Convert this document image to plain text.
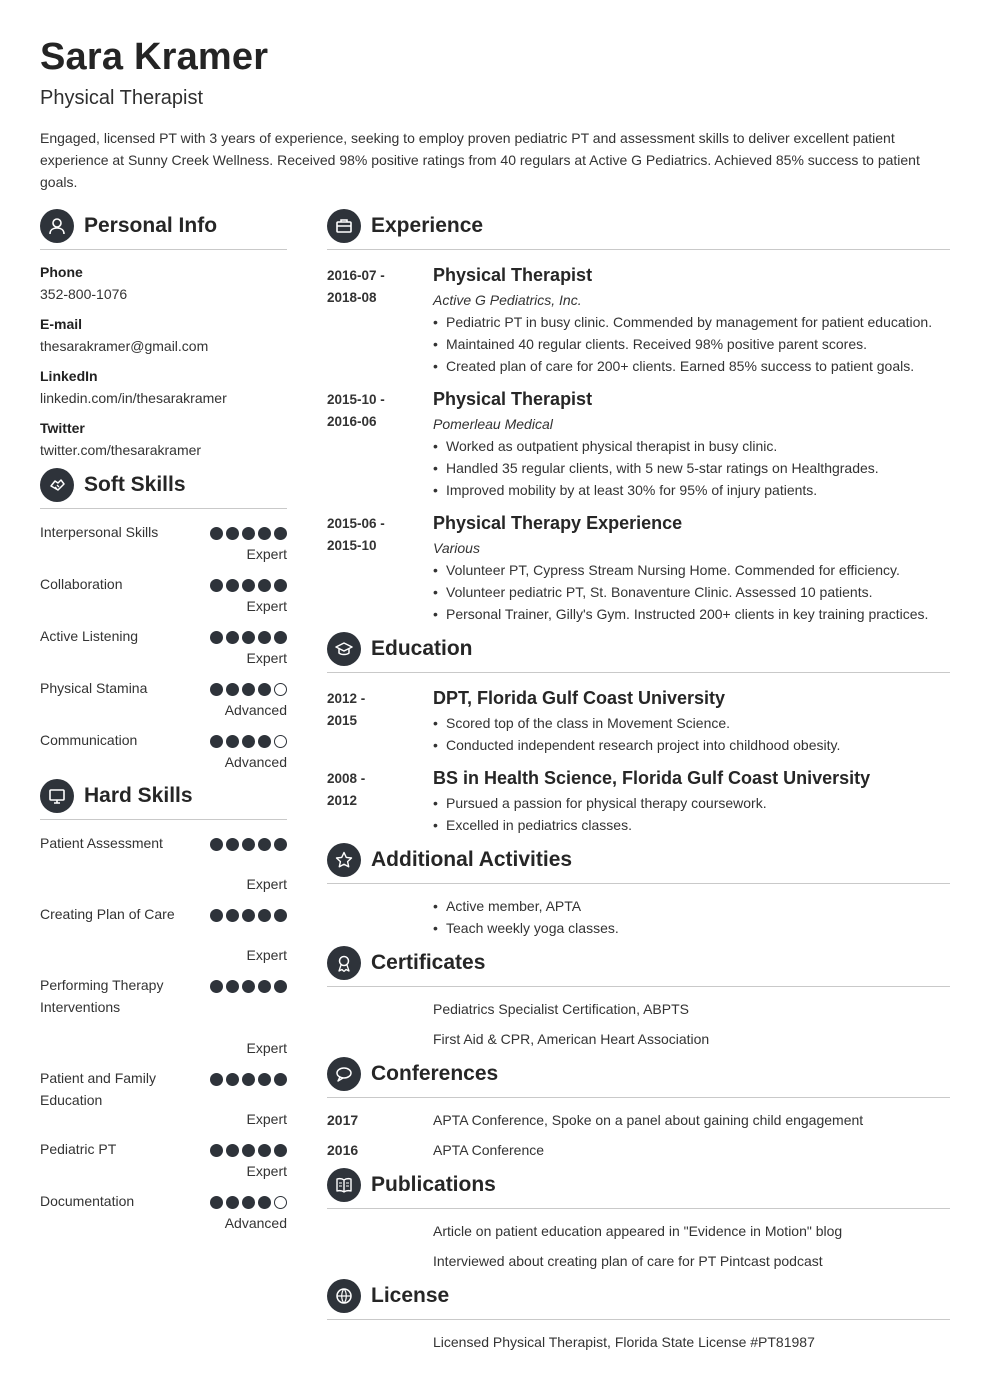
Sara Kramer
Physical Therapist
Engaged, licensed PT with 3 years of experience, seeking to employ proven pediatric PT and assessment skills to deliver excellent patient experience at Sunny Creek Wellness. Received 98% positive ratings from 40 regulars at Active G Pediatrics. Achieved 85% success to patient goals.
Personal Info
Phone
352-800-1076
E-mail
thesarakramer@gmail.com
LinkedIn
linkedin.com/in/thesarakramer
Twitter
twitter.com/thesarakramer
Soft Skills
Interpersonal Skills
Expert
Collaboration
Expert
Active Listening
Expert
Physical Stamina
Advanced
Communication
Advanced
Hard Skills
Patient Assessment
Expert
Creating Plan of Care
Expert
Performing Therapy Interventions
Expert
Patient and Family Education
Expert
Pediatric PT
Expert
Documentation
Advanced
Experience
2016-07 -
2018-08
Physical Therapist
Active G Pediatrics, Inc.
• Pediatric PT in busy clinic. Commended by management for patient education.
• Maintained 40 regular clients. Received 98% positive parent scores.
• Created plan of care for 200+ clients. Earned 85% success to patient goals.
2015-10 -
2016-06
Physical Therapist
Pomerleau Medical
• Worked as outpatient physical therapist in busy clinic.
• Handled 35 regular clients, with 5 new 5-star ratings on Healthgrades.
• Improved mobility by at least 30% for 95% of injury patients.
2015-06 -
2015-10
Physical Therapy Experience
Various
• Volunteer PT, Cypress Stream Nursing Home. Commended for efficiency.
• Volunteer pediatric PT, St. Bonaventure Clinic. Assessed 10 patients.
• Personal Trainer, Gilly's Gym. Instructed 200+ clients in key training practices.
Education
2012 -
2015
DPT, Florida Gulf Coast University
• Scored top of the class in Movement Science.
• Conducted independent research project into childhood obesity.
2008 -
2012
BS in Health Science, Florida Gulf Coast University
• Pursued a passion for physical therapy coursework.
• Excelled in pediatrics classes.
Additional Activities
• Active member, APTA
• Teach weekly yoga classes.
Certificates
Pediatrics Specialist Certification, ABPTS
First Aid & CPR, American Heart Association
Conferences
2017	APTA Conference, Spoke on a panel about gaining child engagement
2016	APTA Conference
Publications
Article on patient education appeared in "Evidence in Motion" blog
Interviewed about creating plan of care for PT Pintcast podcast
License
Licensed Physical Therapist, Florida State License #PT81987
